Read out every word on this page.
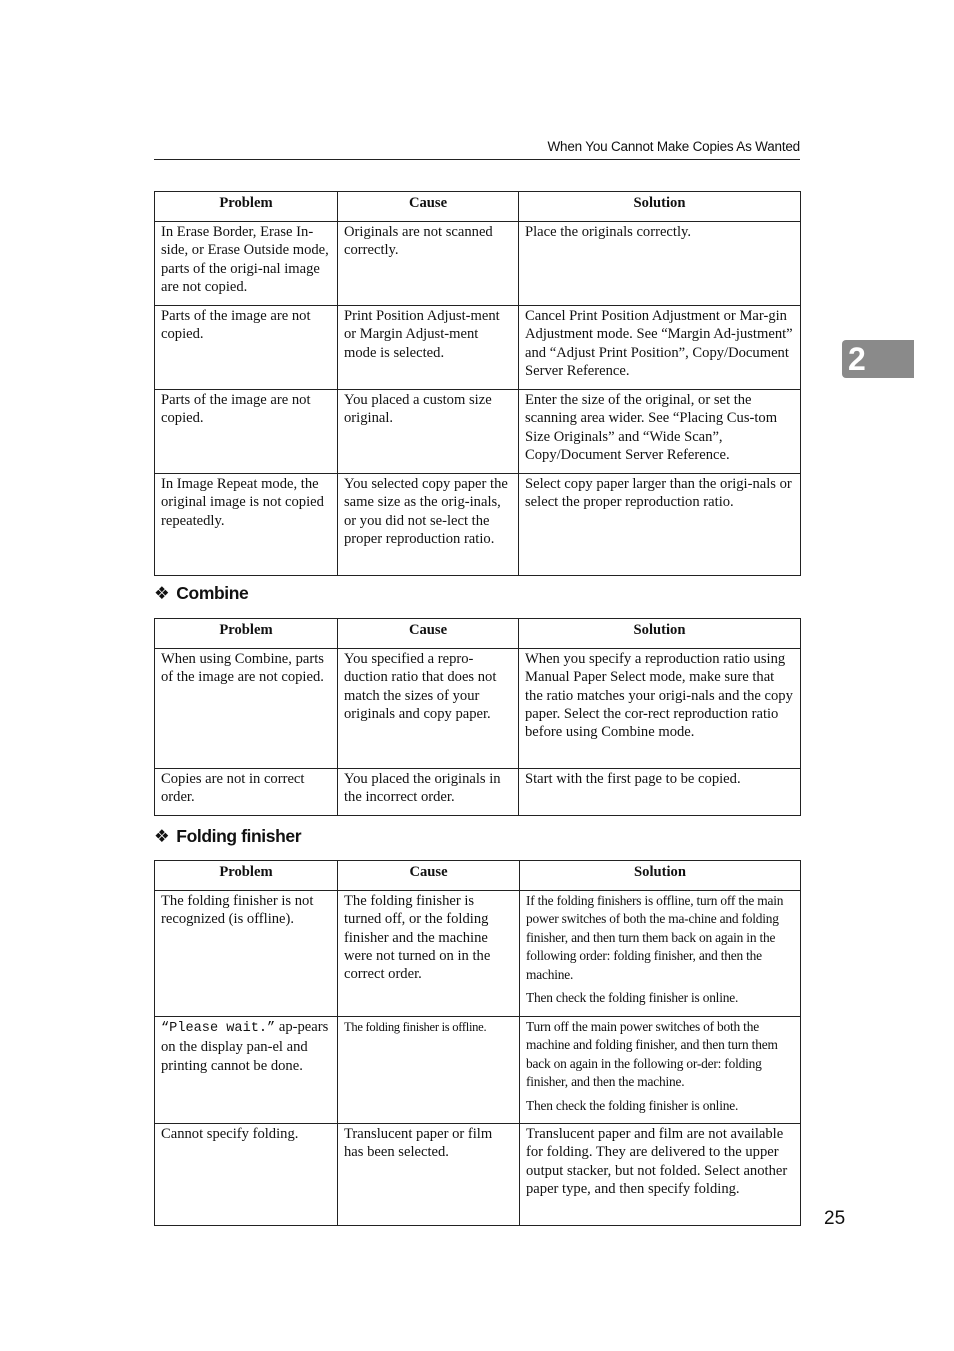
When You Cannot Make Copies As Wanted
2
Problem	Cause	Solution
In Erase Border, Erase In-side, or Erase Outside mode, parts of the origi-nal image are not copied.	Originals are not scanned correctly.	Place the originals correctly.
Parts of the image are not copied.	Print Position Adjust-ment or Margin Adjust-ment mode is selected.	Cancel Print Position Adjustment or Mar-gin Adjustment mode. See “Margin Ad-justment” and “Adjust Print Position”, Copy/Document Server Reference.
Parts of the image are not copied.	You placed a custom size original.	Enter the size of the original, or set the scanning area wider. See “Placing Cus-tom Size Originals” and “Wide Scan”, Copy/Document Server Reference.
In Image Repeat mode, the original image is not copied repeatedly.	You selected copy paper the same size as the orig-inals, or you did not se-lect the proper reproduction ratio.	Select copy paper larger than the origi-nals or select the proper reproduction ratio.
❖ Combine
Problem	Cause	Solution
When using Combine, parts of the image are not copied.	You specified a repro-duction ratio that does not match the sizes of your originals and copy paper.	When you specify a reproduction ratio using Manual Paper Select mode, make sure that the ratio matches your origi-nals and the copy paper. Select the cor-rect reproduction ratio before using Combine mode.
Copies are not in correct order.	You placed the originals in the incorrect order.	Start with the first page to be copied.
❖ Folding finisher
Problem	Cause	Solution
The folding finisher is not recognized (is offline).	The folding finisher is turned off, or the folding finisher and the machine were not turned on in the correct order.	If the folding finishers is offline, turn off the main power switches of both the ma-chine and folding finisher, and then turn them back on again in the following order: folding finisher, and then the machine.
Then check the folding finisher is online.

“Please wait.” ap-pears on the display pan-el and printing cannot be done.	The folding finisher is offline.	Turn off the main power switches of both the machine and folding finisher, and then turn them back on again in the following or-der: folding finisher, and then the machine.
Then check the folding finisher is online.

Cannot specify folding.	Translucent paper or film has been selected.	Translucent paper and film are not available for folding. They are delivered to the upper output stacker, but not folded. Select another paper type, and then specify folding.
25
